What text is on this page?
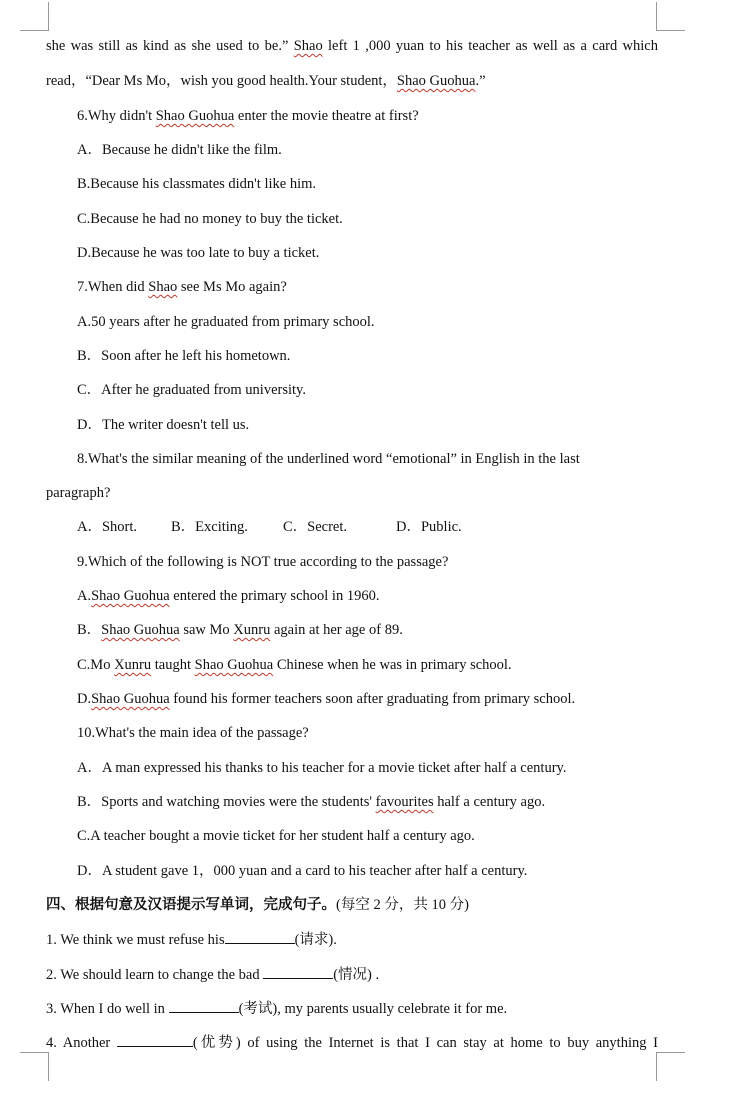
she was still as kind as she used to be.” Shao left 1 ,000 yuan to his teacher as well as a card which
read，“Dear Ms Mo，wish you good health.Your student，Shao Guohua.”
6.Why didn't Shao Guohua enter the movie theatre at first?
A．Because he didn't like the film.
B.Because his classmates didn't like him.
C.Because he had no money to buy the ticket.
D.Because he was too late to buy a ticket.
7.When did Shao see Ms Mo again?
A.50 years after he graduated from primary school.
B．Soon after he left his hometown.
C．After he graduated from university.
D．The writer doesn't tell us.
8.What's the similar meaning of the underlined word “emotional” in English in the last
paragraph?
A．Short. B．Exciting. C．Secret.	D．Public.
9.Which of the following is NOT true according to the passage?
A.Shao Guohua entered the primary school in 1960.
B．Shao Guohua saw Mo Xunru again at her age of 89.
C.Mo Xunru taught Shao Guohua Chinese when he was in primary school.
D.Shao Guohua found his former teachers soon after graduating from primary school.
10.What's the main idea of the passage?
A．A man expressed his thanks to his teacher for a movie ticket after half a century.
B．Sports and watching movies were the students' favourites half a century ago.
C.A teacher bought a movie ticket for her student half a century ago.
D．A student gave 1，000 yuan and a card to his teacher after half a century.
四、根据句意及汉语提示写单词，完成句子。(每空 2 分，共 10 分)
1. We think we must refuse his	(请求).
2. We should learn to change the bad	(情况) .
3. When I do well in	(考试), my parents usually celebrate it for me.
4. Another	(优势) of using the Internet is that I can stay at home to buy anything I
